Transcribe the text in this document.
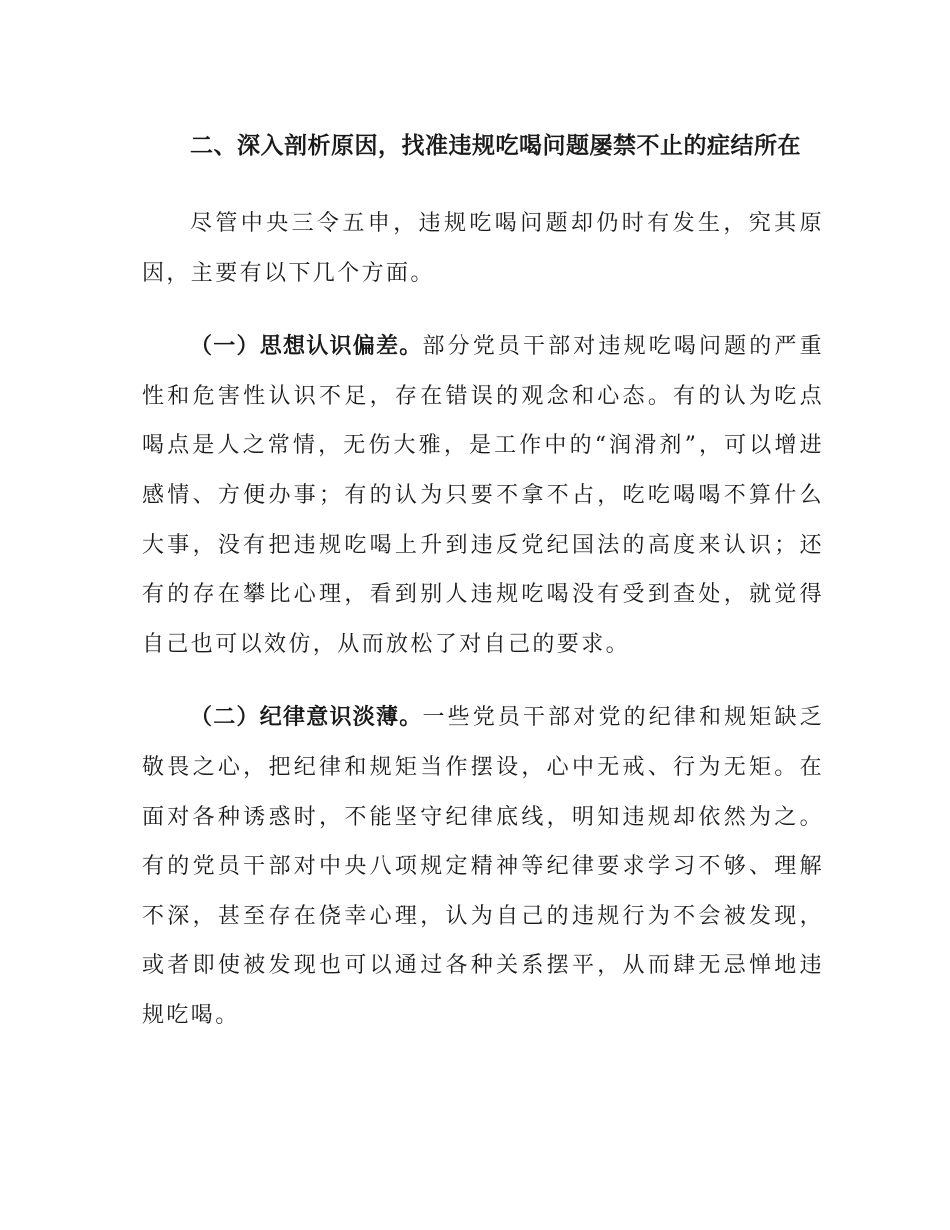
二、深入剖析原因，找准违规吃喝问题屡禁不止的症结所在

尽管中央三令五申，违规吃喝问题却仍时有发生，究其原因，主要有以下几个方面。

（一）思想认识偏差。部分党员干部对违规吃喝问题的严重性和危害性认识不足，存在错误的观念和心态。有的认为吃点喝点是人之常情，无伤大雅，是工作中的“润滑剂”，可以增进感情、方便办事；有的认为只要不拿不占，吃吃喝喝不算什么大事，没有把违规吃喝上升到违反党纪国法的高度来认识；还有的存在攀比心理，看到别人违规吃喝没有受到查处，就觉得自己也可以效仿，从而放松了对自己的要求。

（二）纪律意识淡薄。一些党员干部对党的纪律和规矩缺乏敬畏之心，把纪律和规矩当作摆设，心中无戒、行为无矩。在面对各种诱惑时，不能坚守纪律底线，明知违规却依然为之。有的党员干部对中央八项规定精神等纪律要求学习不够、理解不深，甚至存在侥幸心理，认为自己的违规行为不会被发现，或者即使被发现也可以通过各种关系摆平，从而肆无忌惮地违规吃喝。
